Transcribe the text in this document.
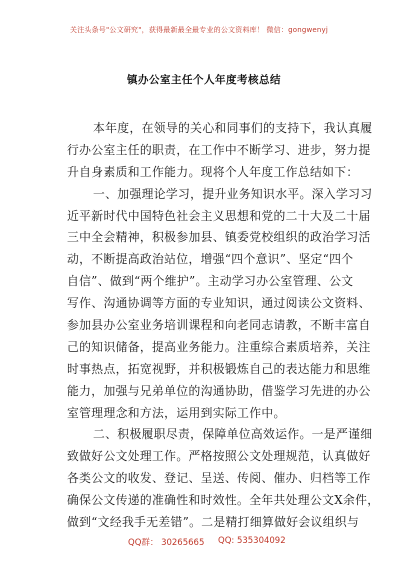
关注头条号"公文研究"，获得最新最全最专业的公文资料库！ 微信：gongwenyj
镇办公室主任个人年度考核总结
本年度，在领导的关心和同事们的支持下，我认真履
行办公室主任的职责，在工作中不断学习、进步，努力提
升自身素质和工作能力。现将个人年度工作总结如下：
一、加强理论学习，提升业务知识水平。深入学习习
近平新时代中国特色社会主义思想和党的二十大及二十届
三中全会精神，积极参加县、镇委党校组织的政治学习活
动，不断提高政治站位，增强“四个意识”、坚定“四个
自信”、做到“两个维护”。主动学习办公室管理、公文
写作、沟通协调等方面的专业知识，通过阅读公文资料、
参加县办公室业务培训课程和向老同志请教，不断丰富自
己的知识储备，提高业务能力。注重综合素质培养，关注
时事热点，拓宽视野，并积极锻炼自己的表达能力和思维
能力，加强与兄弟单位的沟通协助，借鉴学习先进的办公
室管理理念和方法，运用到实际工作中。
二、积极履职尽责，保障单位高效运作。一是严谨细
致做好公文处理工作。严格按照公文处理规范，认真做好
各类公文的收发、登记、呈送、传阅、催办、归档等工作
确保公文传递的准确性和时效性。全年共处理公文X余件，
做到“文经我手无差错”。二是精打细算做好会议组织与
QQ群： 30265665 QQ: 535304092
